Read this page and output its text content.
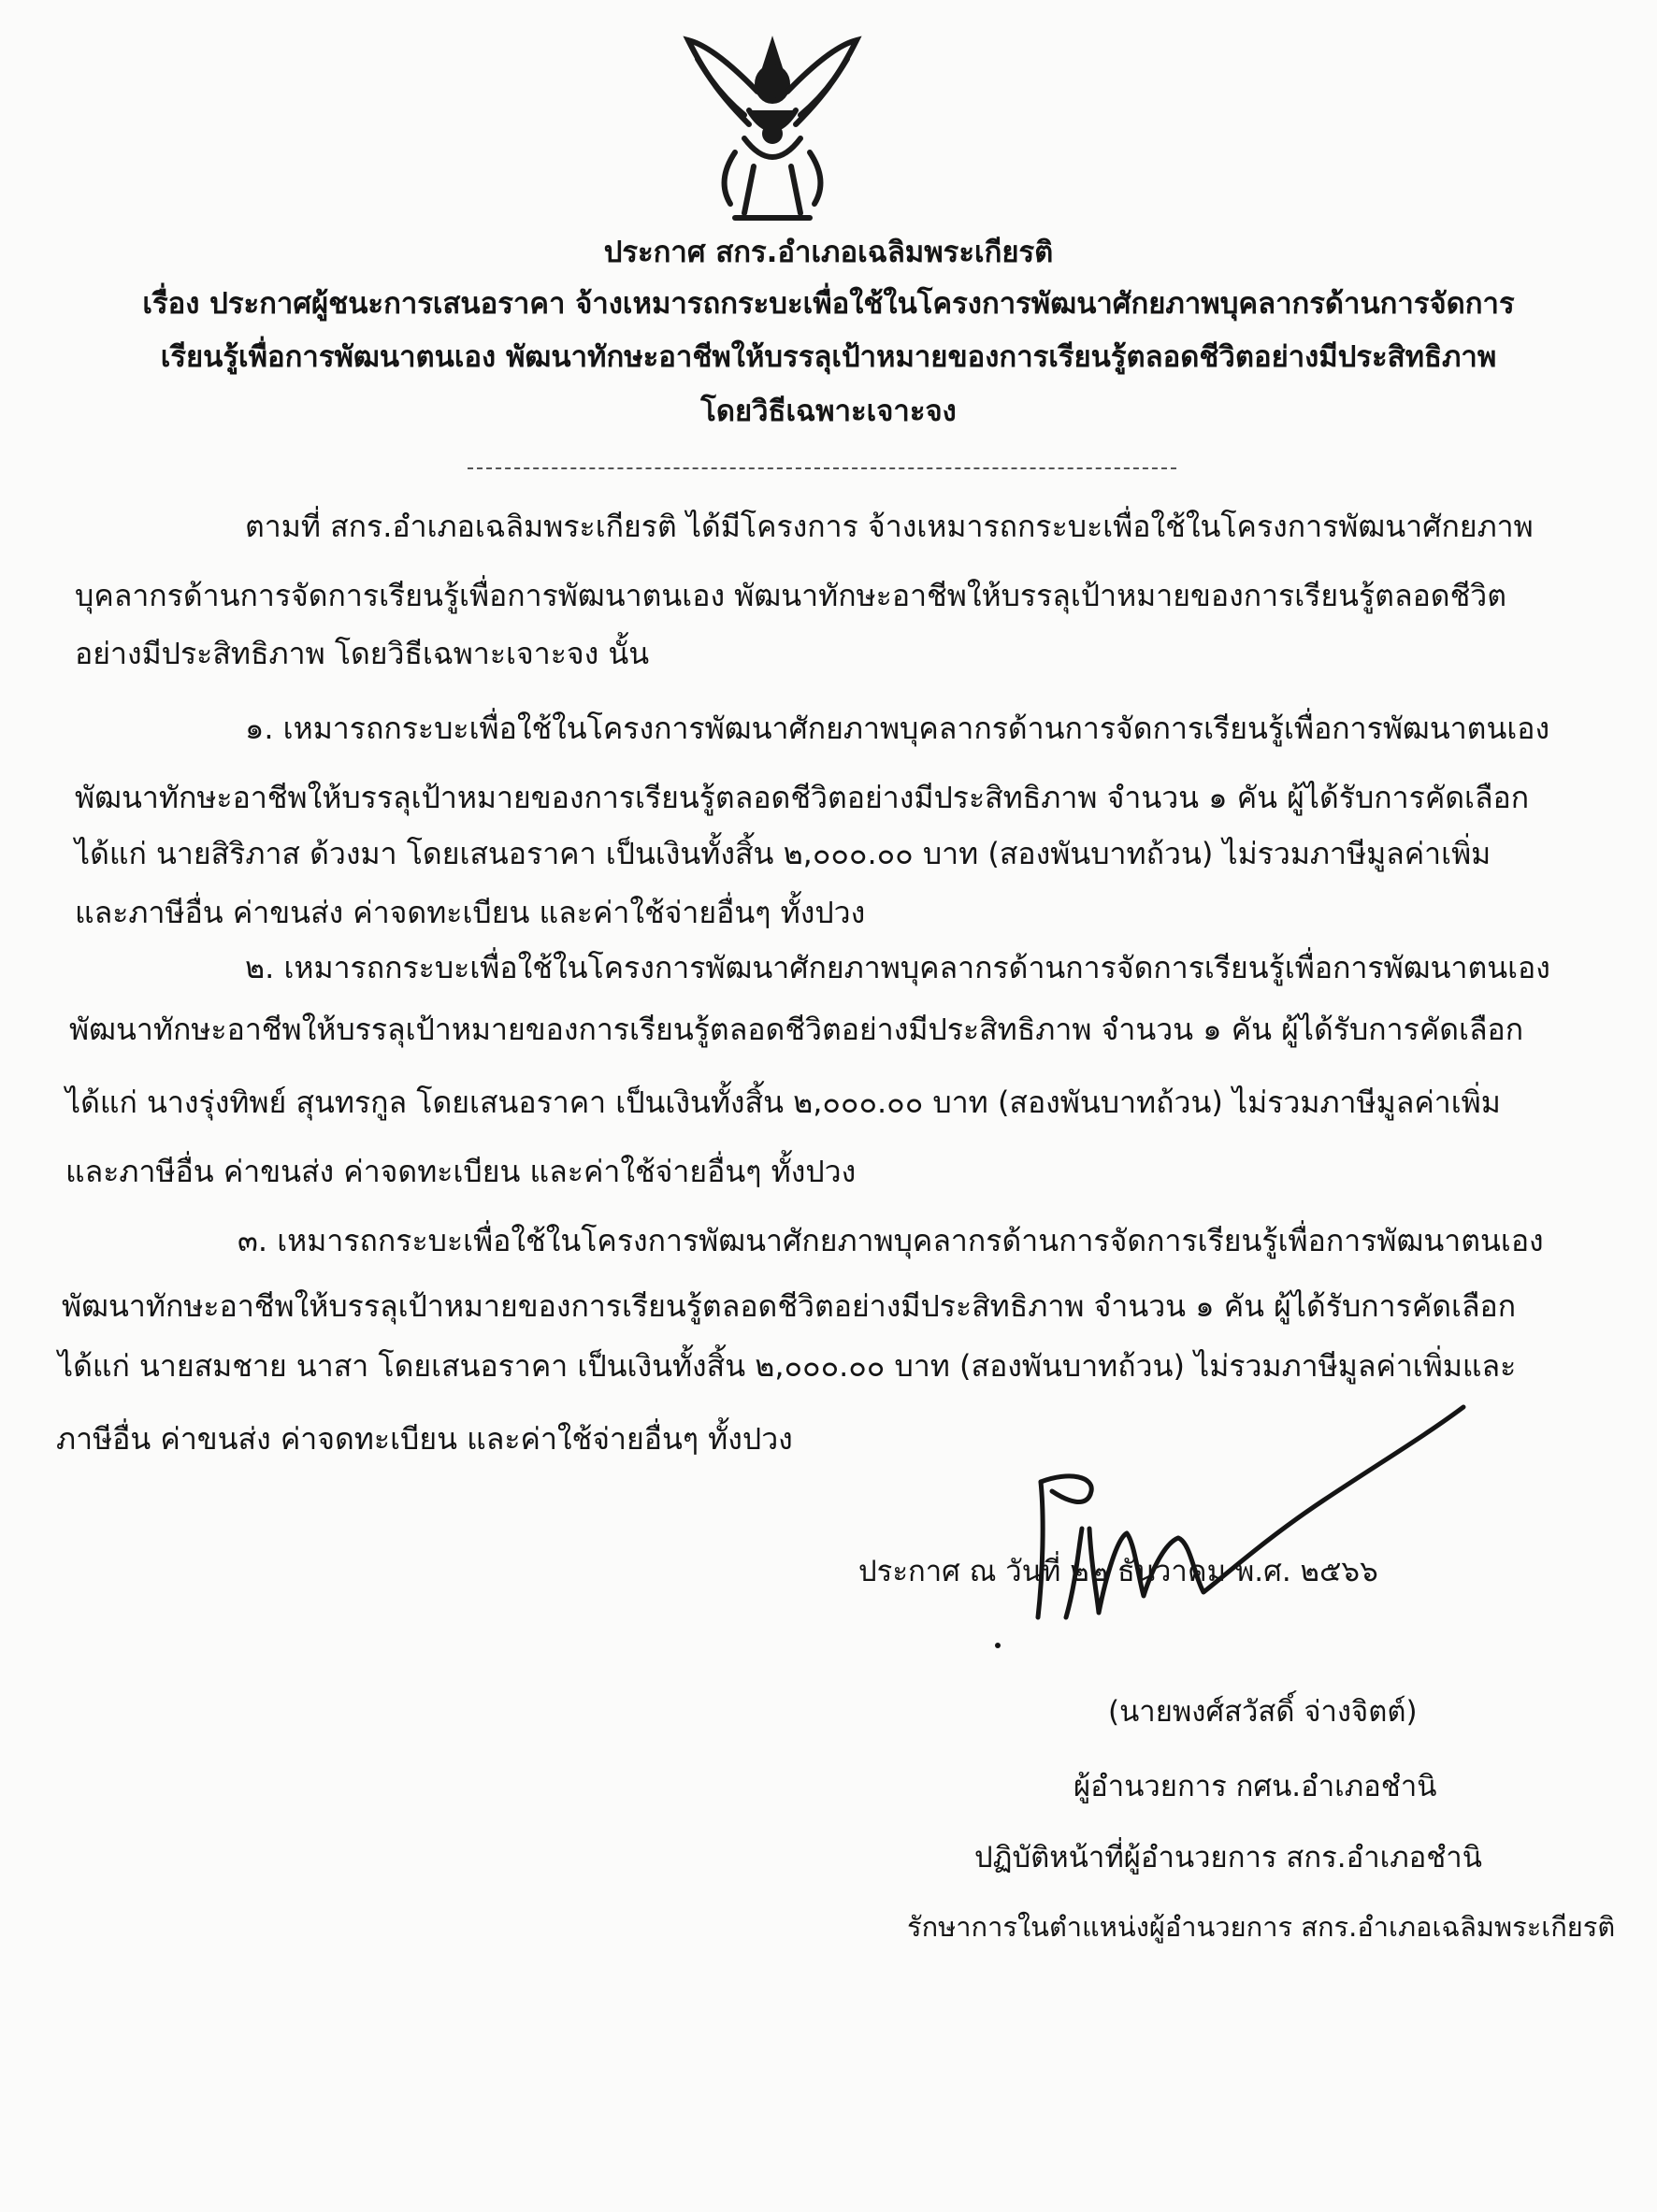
ประกาศ สกร.อำเภอเฉลิมพระเกียรติ
เรื่อง ประกาศผู้ชนะการเสนอราคา จ้างเหมารถกระบะเพื่อใช้ในโครงการพัฒนาศักยภาพบุคลากรด้านการจัดการ
เรียนรู้เพื่อการพัฒนาตนเอง พัฒนาทักษะอาชีพให้บรรลุเป้าหมายของการเรียนรู้ตลอดชีวิตอย่างมีประสิทธิภาพ
โดยวิธีเฉพาะเจาะจง
ตามที่ สกร.อำเภอเฉลิมพระเกียรติ ได้มีโครงการ จ้างเหมารถกระบะเพื่อใช้ในโครงการพัฒนาศักยภาพ
บุคลากรด้านการจัดการเรียนรู้เพื่อการพัฒนาตนเอง พัฒนาทักษะอาชีพให้บรรลุเป้าหมายของการเรียนรู้ตลอดชีวิต
อย่างมีประสิทธิภาพ โดยวิธีเฉพาะเจาะจง นั้น
๑. เหมารถกระบะเพื่อใช้ในโครงการพัฒนาศักยภาพบุคลากรด้านการจัดการเรียนรู้เพื่อการพัฒนาตนเอง
พัฒนาทักษะอาชีพให้บรรลุเป้าหมายของการเรียนรู้ตลอดชีวิตอย่างมีประสิทธิภาพ จำนวน ๑ คัน ผู้ได้รับการคัดเลือก
ได้แก่ นายสิริภาส ด้วงมา โดยเสนอราคา เป็นเงินทั้งสิ้น ๒,๐๐๐.๐๐ บาท (สองพันบาทถ้วน) ไม่รวมภาษีมูลค่าเพิ่ม
และภาษีอื่น ค่าขนส่ง ค่าจดทะเบียน และค่าใช้จ่ายอื่นๆ ทั้งปวง
๒. เหมารถกระบะเพื่อใช้ในโครงการพัฒนาศักยภาพบุคลากรด้านการจัดการเรียนรู้เพื่อการพัฒนาตนเอง
พัฒนาทักษะอาชีพให้บรรลุเป้าหมายของการเรียนรู้ตลอดชีวิตอย่างมีประสิทธิภาพ จำนวน ๑ คัน ผู้ได้รับการคัดเลือก
ได้แก่ นางรุ่งทิพย์ สุนทรกูล โดยเสนอราคา เป็นเงินทั้งสิ้น ๒,๐๐๐.๐๐ บาท (สองพันบาทถ้วน) ไม่รวมภาษีมูลค่าเพิ่ม
และภาษีอื่น ค่าขนส่ง ค่าจดทะเบียน และค่าใช้จ่ายอื่นๆ ทั้งปวง
๓. เหมารถกระบะเพื่อใช้ในโครงการพัฒนาศักยภาพบุคลากรด้านการจัดการเรียนรู้เพื่อการพัฒนาตนเอง
พัฒนาทักษะอาชีพให้บรรลุเป้าหมายของการเรียนรู้ตลอดชีวิตอย่างมีประสิทธิภาพ จำนวน ๑ คัน ผู้ได้รับการคัดเลือก
ได้แก่ นายสมชาย นาสา โดยเสนอราคา เป็นเงินทั้งสิ้น ๒,๐๐๐.๐๐ บาท (สองพันบาทถ้วน) ไม่รวมภาษีมูลค่าเพิ่มและ
ภาษีอื่น ค่าขนส่ง ค่าจดทะเบียน และค่าใช้จ่ายอื่นๆ ทั้งปวง
ประกาศ ณ วันที่ ๒๒ ธันวาคม พ.ศ. ๒๕๖๖
(นายพงศ์สวัสดิ์ จ่างจิตต์)
ผู้อำนวยการ กศน.อำเภอชำนิ
ปฏิบัติหน้าที่ผู้อำนวยการ สกร.อำเภอชำนิ
รักษาการในตำแหน่งผู้อำนวยการ สกร.อำเภอเฉลิมพระเกียรติ
